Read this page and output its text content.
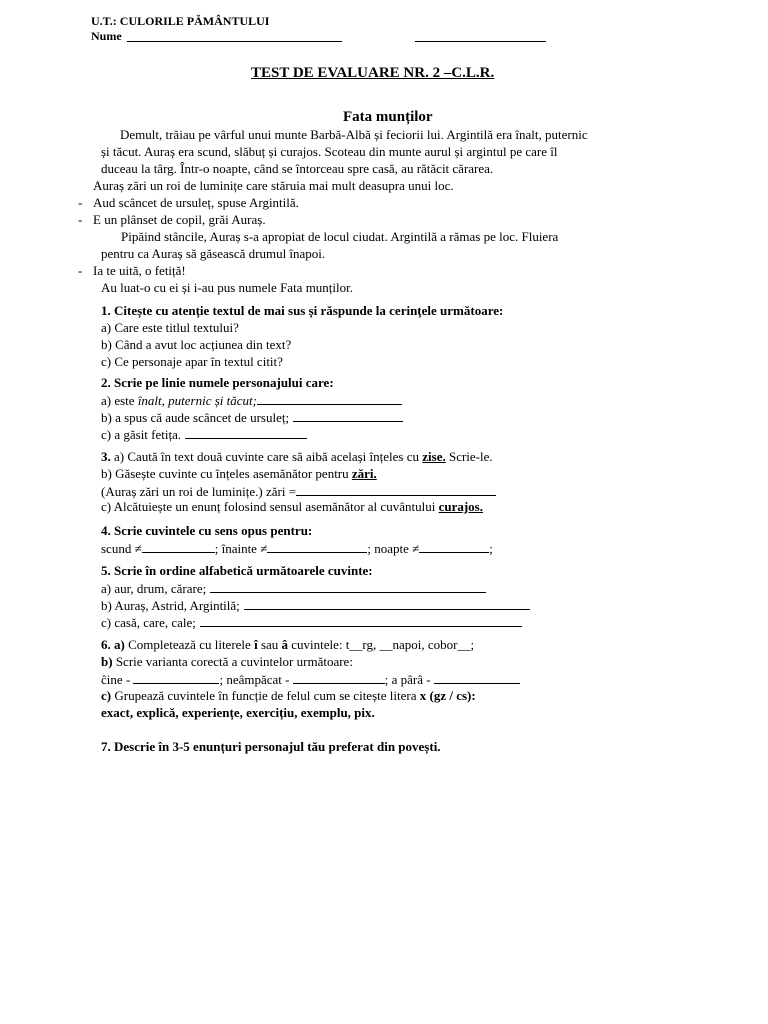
U.T.: CULORILE PĂMÂNTULUI
Nume
TEST DE EVALUARE NR. 2 –C.L.R.
Fata munților
Demult, trăiau pe vârful unui munte Barbă-Albă și feciorii lui. Argintilă era înalt, puternic
și tăcut. Auraș era scund, slăbuț și curajos. Scoteau din munte aurul și argintul pe care îl
duceau la târg. Într-o noapte, când se întorceau spre casă, au rătăcit cărarea.
Auraș zări un roi de luminițe care stăruia mai mult deasupra unui loc.
- Aud scâncet de ursuleț, spuse Argintilă.
- E un plânset de copil, grăi Auraș.
Pipăind stâncile, Auraș s-a apropiat de locul ciudat. Argintilă a rămas pe loc. Fluiera
pentru ca Auraș să găsească drumul înapoi.
- Ia te uită, o fetiță!
Au luat-o cu ei și i-au pus numele Fata munților.
1. Citește cu atenție textul de mai sus și răspunde la cerințele următoare:
a) Care este titlul textului?
b) Când a avut loc acțiunea din text?
c) Ce personaje apar în textul citit?
2. Scrie pe linie numele personajului care:
a) este înalt, puternic și tăcut;
b) a spus că aude scâncet de ursuleț;
c) a găsit fetița.
3. a) Caută în text două cuvinte care să aibă același înțeles cu zise. Scrie-le.
b) Găsește cuvinte cu înțeles asemănător pentru zări.
(Auraș zări un roi de luminițe.) zări =
c) Alcătuiește un enunț folosind sensul asemănător al cuvântului curajos.
4. Scrie cuvintele cu sens opus pentru:
scund ≠	; înainte ≠	; noapte ≠	;
5. Scrie în ordine alfabetică următoarele cuvinte:
a) aur, drum, cărare;
b) Auraș, Astrid, Argintilă;
c) casă, care, cale;
6. a) Completează cu literele î sau â cuvintele: t__rg, __napoi, cobor__;
b) Scrie varianta corectă a cuvintelor următoare:
ĉine -	; neâmpăcat -	; a pârâ -
c) Grupează cuvintele în funcție de felul cum se citește litera x (gz / cs):
exact, explică, experiențe, exercițiu, exemplu, pix.
7. Descrie în 3-5 enunțuri personajul tău preferat din povești.
